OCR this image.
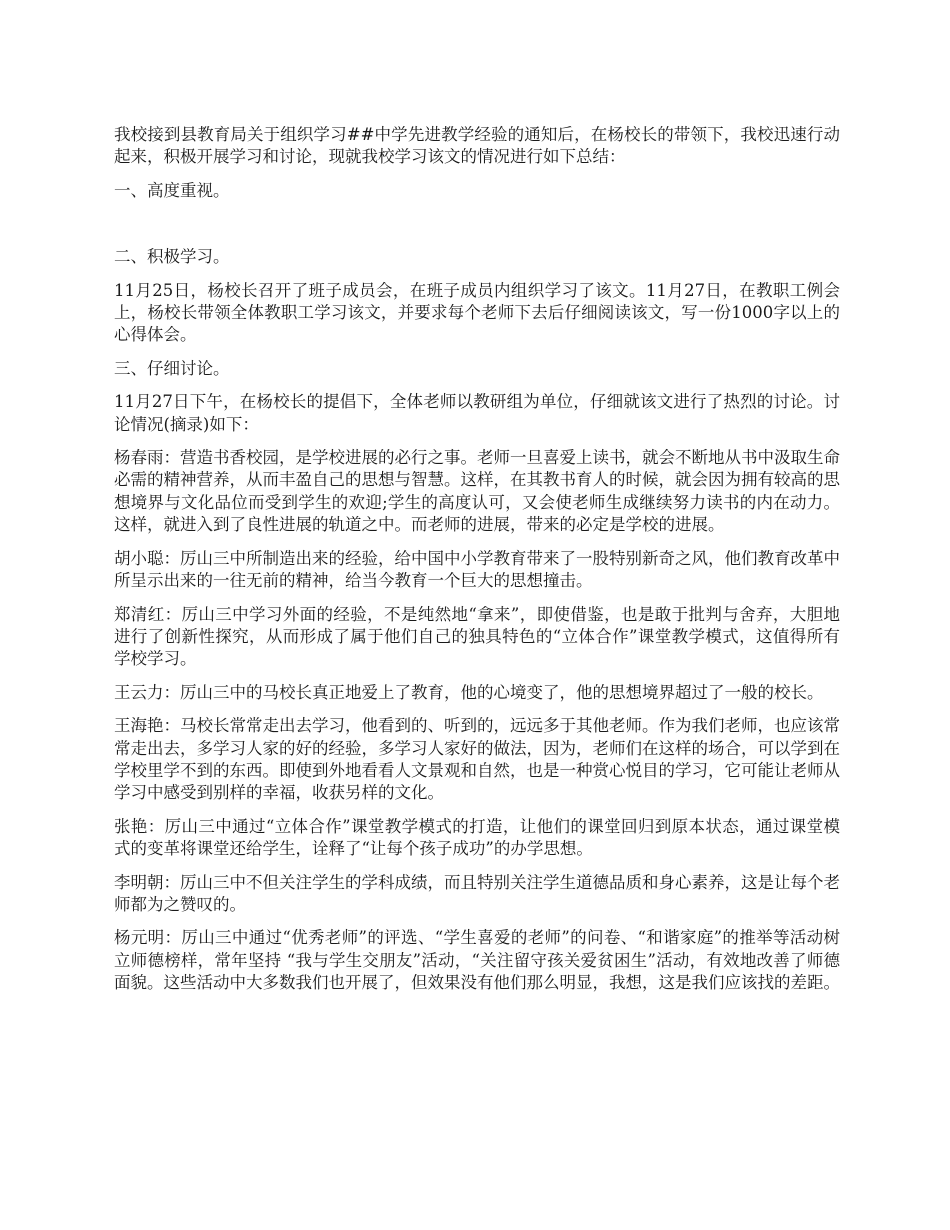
我校接到县教育局关于组织学习##中学先进教学经验的通知后，在杨校长的带领下，我校迅速行动起来，积极开展学习和讨论，现就我校学习该文的情况进行如下总结：

一、高度重视。

二、积极学习。

11月25日，杨校长召开了班子成员会，在班子成员内组织学习了该文。11月27日，在教职工例会上，杨校长带领全体教职工学习该文，并要求每个老师下去后仔细阅读该文，写一份1000字以上的心得体会。

三、仔细讨论。

11月27日下午，在杨校长的提倡下，全体老师以教研组为单位，仔细就该文进行了热烈的讨论。讨论情况(摘录)如下：

杨春雨：营造书香校园，是学校进展的必行之事。老师一旦喜爱上读书，就会不断地从书中汲取生命必需的精神营养，从而丰盈自己的思想与智慧。这样，在其教书育人的时候，就会因为拥有较高的思想境界与文化品位而受到学生的欢迎;学生的高度认可，又会使老师生成继续努力读书的内在动力。这样，就进入到了良性进展的轨道之中。而老师的进展，带来的必定是学校的进展。

胡小聪：厉山三中所制造出来的经验，给中国中小学教育带来了一股特别新奇之风，他们教育改革中所呈示出来的一往无前的精神，给当今教育一个巨大的思想撞击。

郑清红：厉山三中学习外面的经验，不是纯然地“拿来”，即使借鉴，也是敢于批判与舍弃，大胆地进行了创新性探究，从而形成了属于他们自己的独具特色的“立体合作”课堂教学模式，这值得所有学校学习。

王云力：厉山三中的马校长真正地爱上了教育，他的心境变了，他的思想境界超过了一般的校长。

王海艳：马校长常常走出去学习，他看到的、听到的，远远多于其他老师。作为我们老师，也应该常常走出去，多学习人家的好的经验，多学习人家好的做法，因为，老师们在这样的场合，可以学到在学校里学不到的东西。即使到外地看看人文景观和自然，也是一种赏心悦目的学习，它可能让老师从学习中感受到别样的幸福，收获另样的文化。

张艳：厉山三中通过“立体合作”课堂教学模式的打造，让他们的课堂回归到原本状态，通过课堂模式的变革将课堂还给学生，诠释了“让每个孩子成功”的办学思想。

李明朝：厉山三中不但关注学生的学科成绩，而且特别关注学生道德品质和身心素养，这是让每个老师都为之赞叹的。

杨元明：厉山三中通过“优秀老师”的评选、“学生喜爱的老师”的问卷、“和谐家庭”的推举等活动树立师德榜样，常年坚持 “我与学生交朋友”活动，“关注留守孩关爱贫困生”活动，有效地改善了师德面貌。这些活动中大多数我们也开展了，但效果没有他们那么明显，我想，这是我们应该找的差距。
